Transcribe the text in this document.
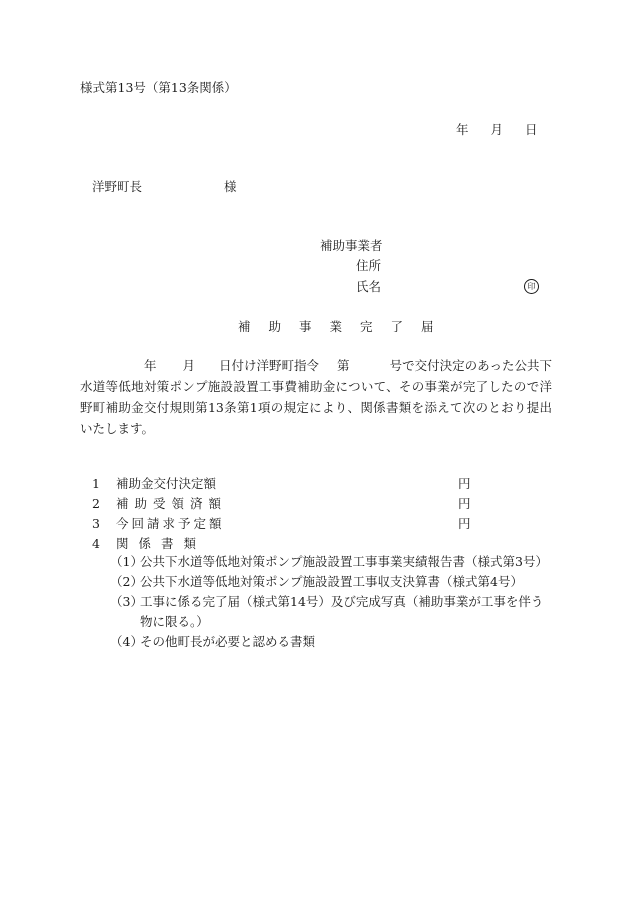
様式第13号（第13条関係）
年 月 日
洋野町長	様
補助事業者
住所
氏名	印
補助事業完了届
年 月 日付け洋野町指令 第	号で交付決定のあった公共下水道等低地対策ポンプ施設設置工事費補助金について、その事業が完了したので洋野町補助金交付規則第13条第1項の規定により、関係書類を添えて次のとおり提出いたします。
1 補助金交付決定額	円
2 補助受領済額	円
3 今回請求予定額	円
4 関係書類
（1）
公共下水道等低地対策ポンプ施設設置工事事業実績報告書（様式第3号）
（2）
公共下水道等低地対策ポンプ施設設置工事収支決算書（様式第4号）
（3）
工事に係る完了届（様式第14号）及び完成写真（補助事業が工事を伴う物に限る。）
（4）
その他町長が必要と認める書類
